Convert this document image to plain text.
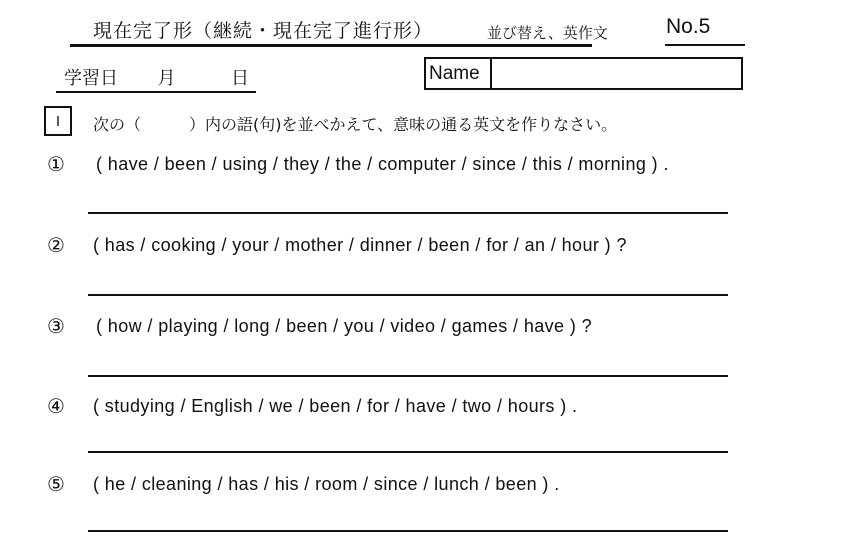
現在完了形（継続・現在完了進行形）	並び替え、英作文	No.5
学習日 月	日	Name
I	次の（　　　）内の語(句)を並べかえて、意味の通る英文を作りなさい。
① ( have / been / using / they / the / computer / since / this / morning ) .
② ( has / cooking / your / mother / dinner / been / for / an / hour ) ?
③ ( how / playing / long / been / you / video / games / have ) ?
④ ( studying / English / we / been / for / have / two / hours ) .
⑤ ( he / cleaning / has / his / room / since / lunch / been ) .
